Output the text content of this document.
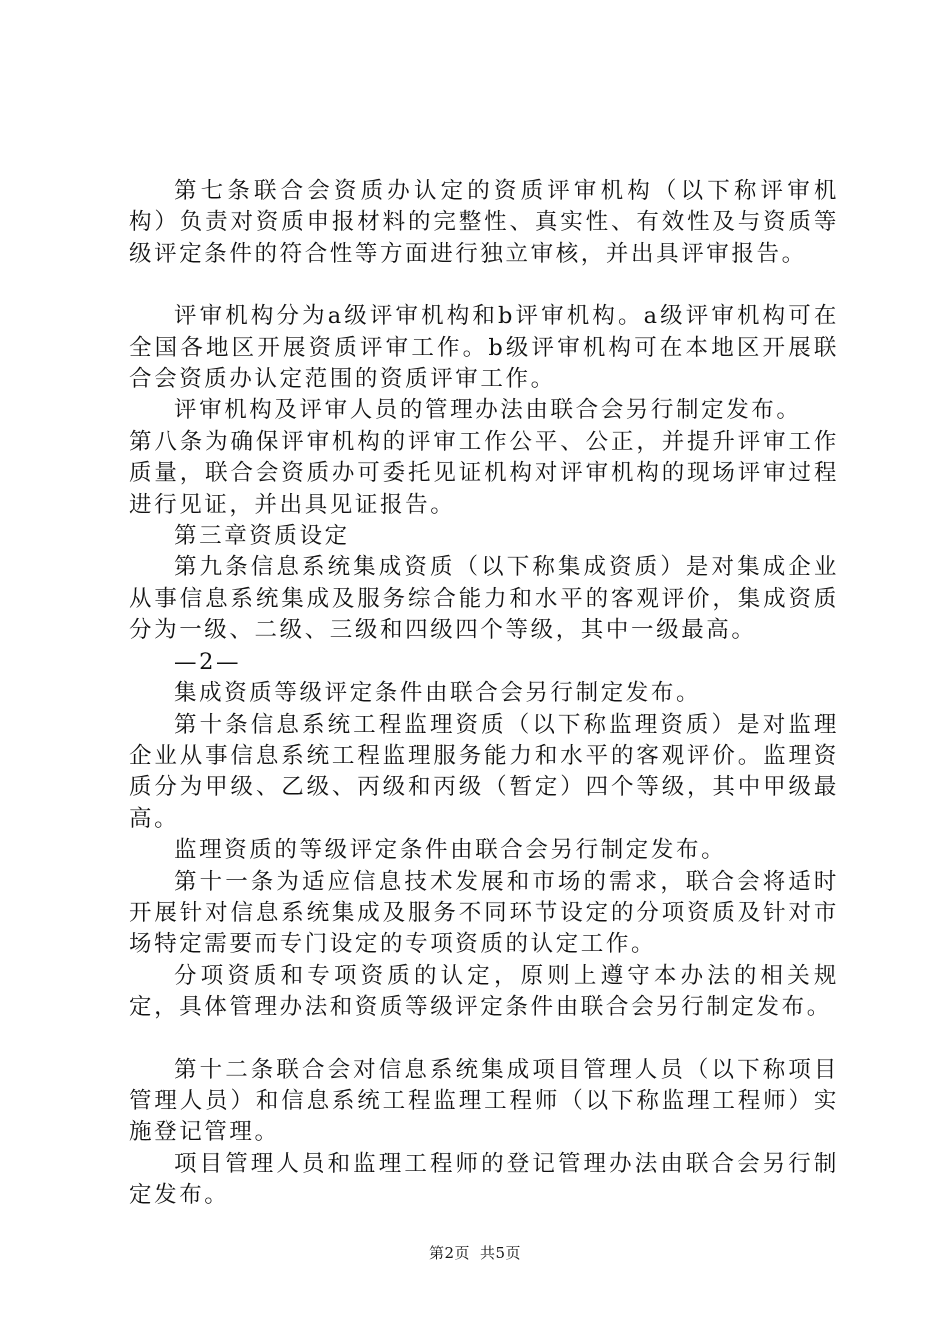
第七条联合会资质办认定的资质评审机构（以下称评审机构）负责对资质申报材料的完整性、真实性、有效性及与资质等级评定条件的符合性等方面进行独立审核，并出具评审报告。

评审机构分为a级评审机构和b评审机构。a级评审机构可在全国各地区开展资质评审工作。b级评审机构可在本地区开展联合会资质办认定范围的资质评审工作。

评审机构及评审人员的管理办法由联合会另行制定发布。

第八条为确保评审机构的评审工作公平、公正，并提升评审工作质量，联合会资质办可委托见证机构对评审机构的现场评审过程进行见证，并出具见证报告。

第三章资质设定

第九条信息系统集成资质（以下称集成资质）是对集成企业从事信息系统集成及服务综合能力和水平的客观评价，集成资质分为一级、二级、三级和四级四个等级，其中一级最高。

—2—

集成资质等级评定条件由联合会另行制定发布。

第十条信息系统工程监理资质（以下称监理资质）是对监理企业从事信息系统工程监理服务能力和水平的客观评价。监理资质分为甲级、乙级、丙级和丙级（暂定）四个等级，其中甲级最高。

监理资质的等级评定条件由联合会另行制定发布。

第十一条为适应信息技术发展和市场的需求，联合会将适时开展针对信息系统集成及服务不同环节设定的分项资质及针对市场特定需要而专门设定的专项资质的认定工作。

分项资质和专项资质的认定，原则上遵守本办法的相关规定，具体管理办法和资质等级评定条件由联合会另行制定发布。

第十二条联合会对信息系统集成项目管理人员（以下称项目管理人员）和信息系统工程监理工程师（以下称监理工程师）实施登记管理。

项目管理人员和监理工程师的登记管理办法由联合会另行制定发布。

第2页 共5页
